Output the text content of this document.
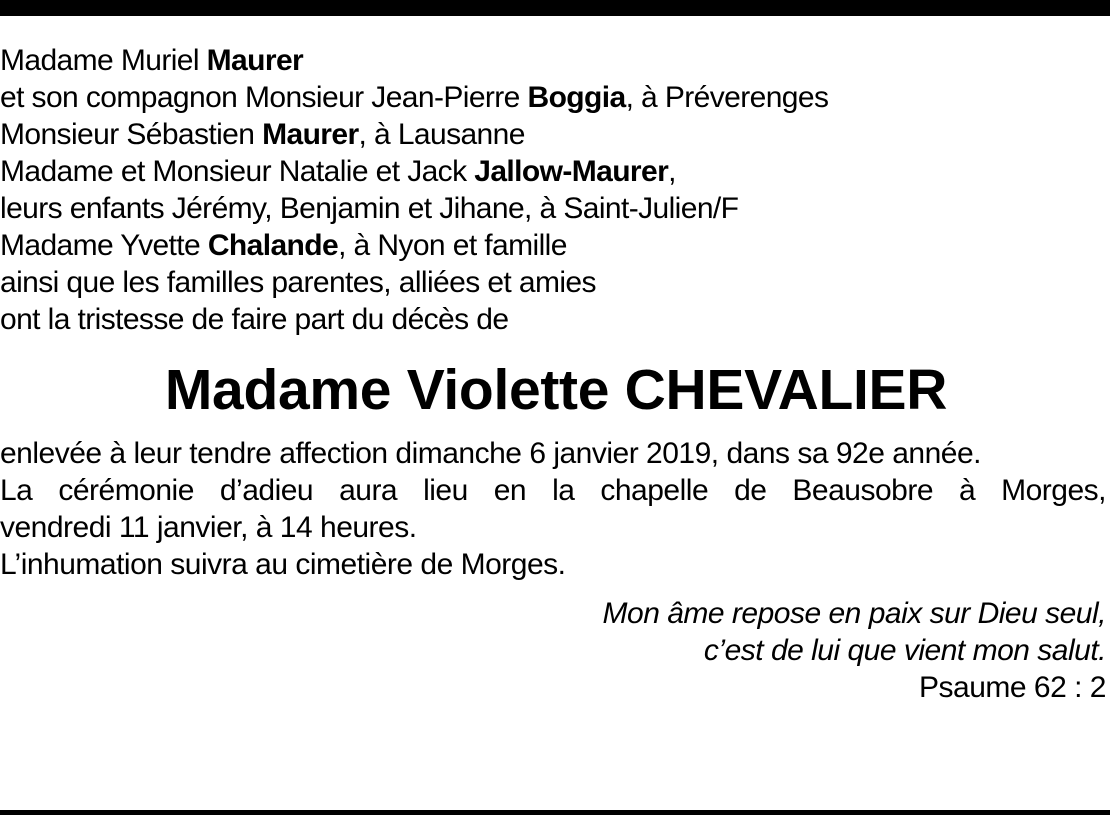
Madame Muriel Maurer
et son compagnon Monsieur Jean-Pierre Boggia, à Préverenges
Monsieur Sébastien Maurer, à Lausanne
Madame et Monsieur Natalie et Jack Jallow-Maurer,
leurs enfants Jérémy, Benjamin et Jihane, à Saint-Julien/F
Madame Yvette Chalande, à Nyon et famille
ainsi que les familles parentes, alliées et amies
ont la tristesse de faire part du décès de
Madame Violette CHEVALIER
enlevée à leur tendre affection dimanche 6 janvier 2019, dans sa 92e année.
La cérémonie d’adieu aura lieu en la chapelle de Beausobre à Morges,
vendredi 11 janvier, à 14 heures.
L’inhumation suivra au cimetière de Morges.
Mon âme repose en paix sur Dieu seul,
c’est de lui que vient mon salut.
Psaume 62 : 2
